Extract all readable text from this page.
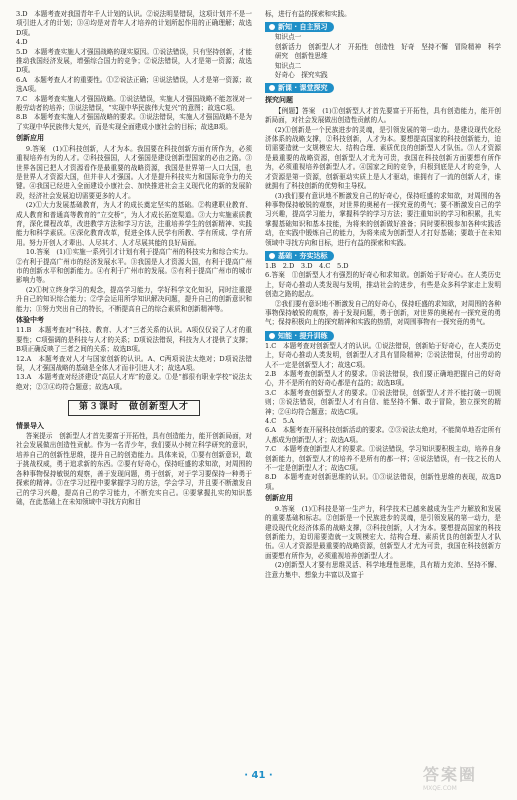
3.D　本题考查对我国青年千人计划的认识。②说法明显错误，这项计划并不是一项引进人才的计划；③④均是对青年人才培养的计划所起作用的正确理解；故选D项。

4.D

5.D　本题考查实施人才强国战略的现实原因。①说法错误，只有坚持创新，才能推动我国经济发展，增强综合国力的竞争；②说法错误，人才是第一资源；故选D项。

6.A　本题考查人才的重要性。①②说法正确；④说法错误，人才是第一资源；故选A项。

7.C　本题考查实施人才强国战略。①说法错误，实施人才强国战略不能忽视对一般劳动者的培养；③说法错误，“实现中华民族伟大复兴”的意图；故选C项。

8.B　本题考查实施人才强国战略的要求。③说法错误，实施人才强国战略不是为了实现中华民族伟大复兴，而是实现全面建成小康社会的目标；故选B项。

创新应用

9.答案　(1)①科技创新，人才为本。我国要在科技创新方面有所作为，必须重视培养有为的人才。②科技强国，人才强国是建设创新型国家的必由之路。③世界各国已把人才资源看作是最重要的战略资源，我国是世界第一人口大国，也是世界人才资源大国，但并非人才强国。人才是提升科技实力和国际竞争力的关键。④我国已经进入全面建设小康社会、加快推进社会主义现代化的新的发展阶段，经济社会发展迫切需要更多的人才。

(2)①大力发展基础教育，为人才的成长奠定坚实的基础。②构建职业教育、成人教育和普通高等教育的“立交桥”，为人才成长拓宽渠道。③大力实施素质教育，深化课程改革，改进教学方法和学习方法，注重培养学生的创新精神、实践能力和科学素质。④深化教育改革，促进全体人民学有所教、学有所成、学有所用。努力开创人才辈出、人尽其才、人才尽展其能的良好局面。

10.答案　(1)①实施一系列引才计划有利于提高广州的科技实力和综合实力。②有利于提高广州市的经济发展水平。③我国是人才资源大国，有利于提高广州市的创新水平和创新能力。④有利于广州市的发展。⑤有利于提高广州市的城市影响力等。

(2)①树立终身学习的观念，提高学习能力，学好科学文化知识，同时注重提升自己的知识综合能力；②学会运用所学知识解决问题，提升自己的创新意识和能力；③努力突出自己的特长，不断提高自己的综合素质和创新精神等。

体验中考

11.B　本题考查对“科技、教育、人才”三者关系的认识。A项仅仅说了人才的重要性；C项强调的是科技与人才的关系；D项说法错误，科技为人才提供了支撑；B项正确反映了三者之间的关系；故选B项。

12.A　本题考查对人才与国家创新的认识。A、C两项说法太绝对；D项说法错误，人才强国战略的基础是全体人才而非引进人才；故选A项。

13.A　本题考查对经济建设“高层人才库”的意义。①是“都很有职业学校”说法太绝对；②③④均符合题意；故选A项。

第３课时　做创新型人才
情景导入

答案提示　创新型人才首先要富于开拓性，具有创造能力，能开创新局面，对社会发展做出创造性贡献。作为一名青少年，我们要从小树立科学研究的意识，培养自己的创新性思维，提升自己的创造能力。具体来说，①要有创新意识，敢于挑战权威，勇于追求新的东西。②要有好奇心，保持旺盛的求知欲，对周围的各种事物保持敏锐的观察，善于发现问题，勇于创新，对于学习要保持一种勇于探索的精神。③在学习过程中要掌握学习的方法，学会学习，并且要不断激发自己的学习兴趣，提高自己的学习能力，不断充实自己。④要掌握扎实的知识基础，在此基础上在未知领域中寻找方向和目

标，进行有益的探索和实践。

新知 · 自主预习
知识点一

创新活力　创新型人才　开拓性　创造性　好奇　坚持不懈　冒险精神　科学研究　创新性思维

知识点二

好奇心　探究实践

新课 · 课堂探究
探究问题

【例题】答案　(1)①创新型人才首先要富于开拓性，具有创造能力，能开创新局面，对社会发展做出创造性贡献的人。

(2)①创新是一个民族进步的灵魂，是引领发展的第一动力。是建设现代化经济体系的战略支撑，②科技创新，人才为本。要想提高国家的科技创新能力，迫切需要造就一支规模宏大、结构合理、素质优良的创新型人才队伍。③人才资源是最重要的战略资源，创新型人才尤为可贵，我国在科技创新方面要想有所作为，必须重视培养创新型人才。④国家之间的竞争，归根到底是人才的竞争，人才资源是第一资源，创新驱动实质上是人才驱动，谁拥有了一流的创新人才，谁就拥有了科技创新的优势和主导权。

(3)我们要有意识地不断激发自己的好奇心，保持旺盛的求知欲，对周围的各种事物保持敏锐的观察，对世界的奥秘有一探究竟的勇气；要不断激发自己的学习兴趣，提高学习能力，掌握科学的学习方法；要注重知识的学习和积累，扎实掌握基础知识和基本技能，为将来的创新做好准备；同时要积极参加各种实践活动，在实践中锻炼自己的能力，为将来成为创新型人才打好基础；要敢于在未知领域中寻找方向和目标，进行有益的探索和实践。

基础 · 夯实达标

1.B　2.D　3.D　4.C　5.D

6.答案　①创新型人才有强烈的好奇心和求知欲。创新始于好奇心。在人类历史上，好奇心推动人类发现与发明，推动社会的进步，有些是众多科学家走上发明创造之路的起点。

②我们要有意识地不断激发自己的好奇心，保持旺盛的求知欲，对周围的各种事物保持敏锐的观察，善于发现问题，勇于创新，对世界的奥秘有一探究竟的勇气；保持积极向上的探究精神和实践的热情，对周围事物有一探究竟的勇气。

知能 · 提升训练

1.C　本题考查对创新型人才的认识。①说法错误，创新始于好奇心，在人类历史上，好奇心推动人类发明，创新型人才具有冒险精神；②说法错误，付出劳动的人不一定是创新型人才；故选C项。

2.B　本题考查创新型人才的要求。③说法错误，我们要正确地把握自己的好奇心，并不是所有的好奇心都是有益的；故选B项。

3.C　本题考查创新型人才的要求。①说法错误，创新型人才并不能打破一切规则；③说法错误，创新型人才有自信、能坚持不懈、敢于冒险，独立探究的精神；②④均符合题意；故选C项。

4.C　5.A

6.A　本题考查开展科技创新活动的要求。②③说法太绝对，不能简单地否定所有人都成为创新型人才；故选A项。

7.C　本题考查创新型人才的要求。①说法错误，学习知识要积极主动，培养自身创新能力，创新型人才的培养不是所有的都一样；④说法错误，有一技之长的人不一定是创新型人才；故选C项。

8.D　本题考查对创新思维的认识。①③说法错误，创新性思维的表现，故选D项。

创新应用

9.答案　(1)①科技是第一生产力，科学技术已越来越成为生产力解放和发展的重要基础和标志。②创新是一个民族进步的灵魂，是引领发展的第一动力，是建设现代化经济体系的战略支撑，③科技创新，人才为本。要想提高国家的科技创新能力，迫切需要造就一支规模宏大、结构合理、素质优良的创新型人才队伍。④人才资源是最重要的战略资源，创新型人才尤为可贵，我国在科技创新方面要想有所作为，必须重视培养创新型人才。

(2)创新型人才要有思维灵活、科学地理性思维，具有精力充沛、坚持不懈、注意力集中、想象力丰富以及富于

· 41 ·	答案圈
MXQE.COM
